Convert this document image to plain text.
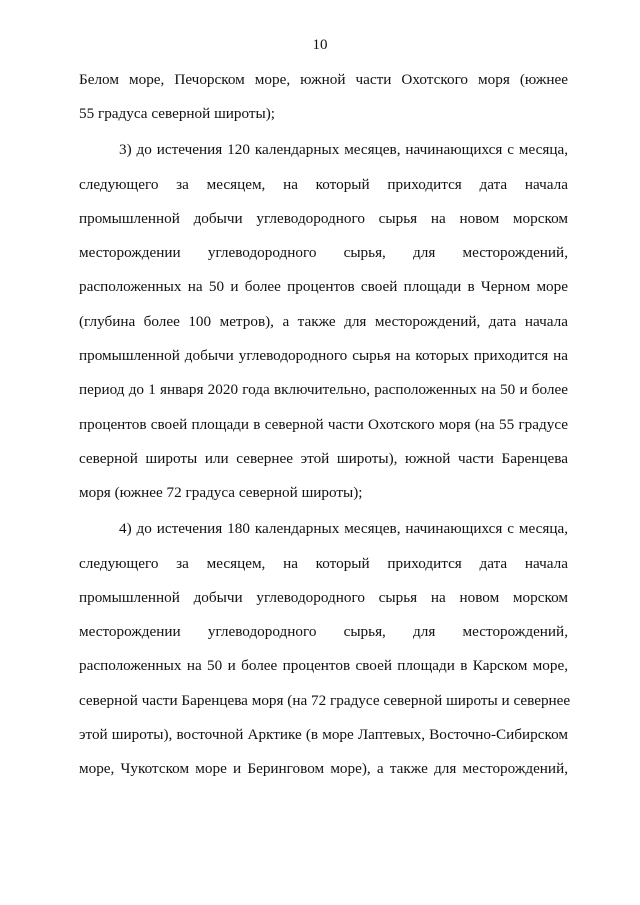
10
Белом море, Печорском море, южной части Охотского моря (южнее
55 градуса северной широты);
3) до истечения 120 календарных месяцев, начинающихся с месяца,
следующего за месяцем, на который приходится дата начала
промышленной добычи углеводородного сырья на новом морском
месторождении углеводородного сырья, для месторождений,
расположенных на 50 и более процентов своей площади в Черном море
(глубина более 100 метров), а также для месторождений, дата начала
промышленной добычи углеводородного сырья на которых приходится на
период до 1 января 2020 года включительно, расположенных на 50 и более
процентов своей площади в северной части Охотского моря (на 55 градусе
северной широты или севернее этой широты), южной части Баренцева
моря (южнее 72 градуса северной широты);
4) до истечения 180 календарных месяцев, начинающихся с месяца,
следующего за месяцем, на который приходится дата начала
промышленной добычи углеводородного сырья на новом морском
месторождении углеводородного сырья, для месторождений,
расположенных на 50 и более процентов своей площади в Карском море,
северной части Баренцева моря (на 72 градусе северной широты и севернее
этой широты), восточной Арктике (в море Лаптевых, Восточно-Сибирском
море, Чукотском море и Беринговом море), а также для месторождений,
